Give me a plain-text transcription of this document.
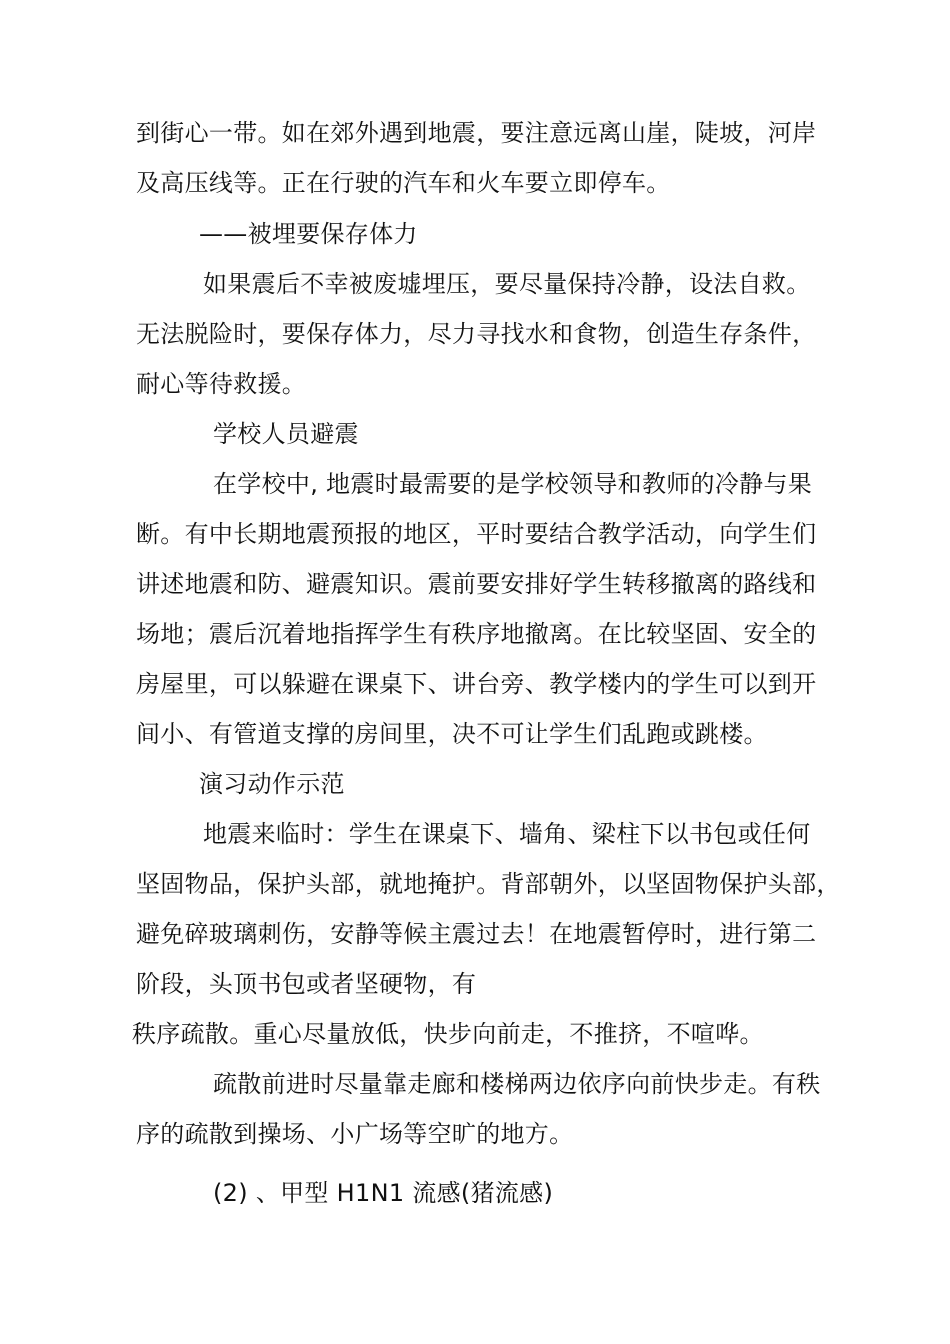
到街心一带。如在郊外遇到地震，要注意远离山崖，陡坡，河岸
及高压线等。正在行驶的汽车和火车要立即停车。
——被埋要保存体力
如果震后不幸被废墟埋压，要尽量保持冷静，设法自救。
无法脱险时，要保存体力，尽力寻找水和食物，创造生存条件，
耐心等待救援。
学校人员避震
在学校中, 地震时最需要的是学校领导和教师的冷静与果
断。有中长期地震预报的地区，平时要结合教学活动，向学生们
讲述地震和防、避震知识。震前要安排好学生转移撤离的路线和
场地；震后沉着地指挥学生有秩序地撤离。在比较坚固、安全的
房屋里，可以躲避在课桌下、讲台旁、教学楼内的学生可以到开
间小、有管道支撑的房间里，决不可让学生们乱跑或跳楼。
演习动作示范
地震来临时：学生在课桌下、墙角、梁柱下以书包或任何
坚固物品，保护头部，就地掩护。背部朝外，以坚固物保护头部，
避免碎玻璃刺伤，安静等候主震过去！在地震暂停时，进行第二
阶段，头顶书包或者坚硬物，有
秩序疏散。重心尽量放低，快步向前走，不推挤，不喧哗。
疏散前进时尽量靠走廊和楼梯两边依序向前快步走。有秩
序的疏散到操场、小广场等空旷的地方。
(2) 、甲型 H1N1 流感(猪流感)
